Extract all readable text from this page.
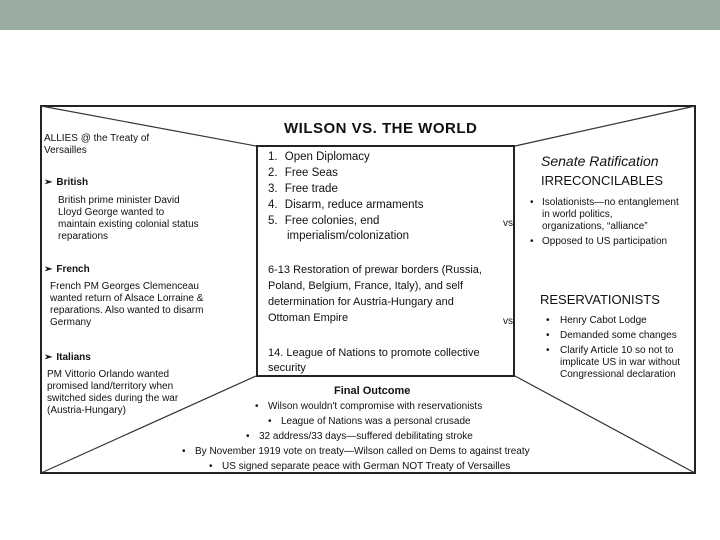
WILSON VS. THE WORLD
ALLIES @ the Treaty of
Versailles
➢ British
British prime minister David
Lloyd George wanted to
maintain existing colonial status
reparations
➢ French
French PM Georges Clemenceau
wanted return of Alsace Lorraine &
reparations. Also wanted to disarm
Germany
➢ Italians
PM Vittorio Orlando wanted
promised land/territory when
switched sides during the war
(Austria-Hungary)
1. Open Diplomacy
2. Free Seas
3. Free trade
4. Disarm, reduce armaments
5. Free colonies, end
imperialism/colonization
6-13 Restoration of prewar borders (Russia,
Poland, Belgium, France, Italy), and self
determination for Austria-Hungary and
Ottoman Empire
14. League of Nations to promote collective
security
vs.
vs.
Senate Ratification
IRRECONCILABLES
• Isolationists—no entanglement
in world politics,
organizations, “alliance”
• Opposed to US participation
RESERVATIONISTS
• Henry Cabot Lodge
• Demanded some changes
• Clarify Article 10 so not to
implicate US in war without
Congressional declaration
Final Outcome
• Wilson wouldn't compromise with reservationists
• League of Nations was a personal crusade
• 32 address/33 days—suffered debilitating stroke
• By November 1919 vote on treaty—Wilson called on Dems to against treaty
• US signed separate peace with German NOT Treaty of Versailles
